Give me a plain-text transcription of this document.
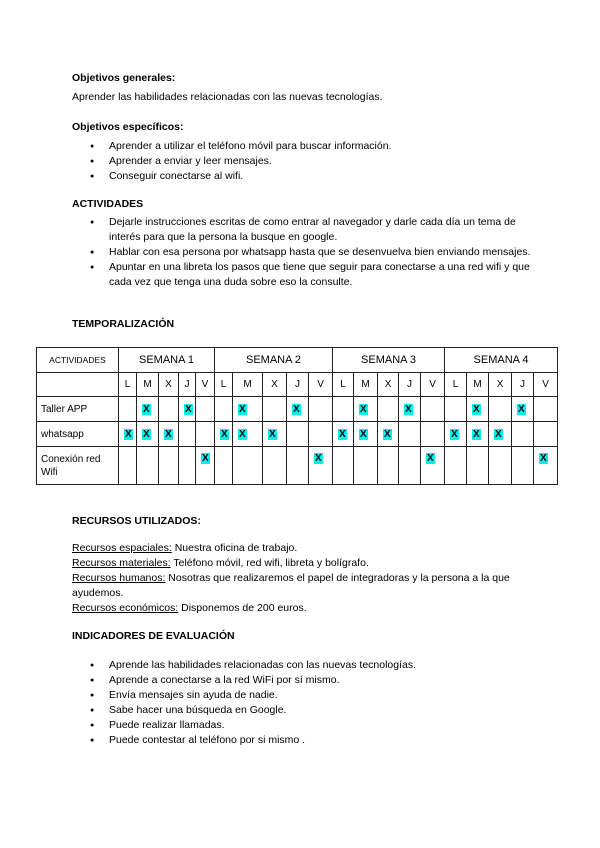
Objetivos generales:
Aprender las habilidades relacionadas con las nuevas tecnologías.
Objetivos específicos:
● Aprender a utilizar el teléfono móvil para buscar información.
● Aprender a enviar y leer mensajes.
● Conseguir conectarse al wifi.
ACTIVIDADES
● Dejarle instrucciones escritas de como entrar al navegador y darle cada día un tema de interés para que la persona la busque en google.
● Hablar con esa persona por whatsapp hasta que se desenvuelva bien enviando mensajes.
● Apuntar en una libreta los pasos que tiene que seguir para conectarse a una red wifi y que cada vez que tenga una duda sobre eso la consulte.
TEMPORALIZACIÓN
ACTIVIDADES	SEMANA 1					SEMANA 2					SEMANA 3					SEMANA 4				
	L	M	X	J	V	L	M	X	J	V	L	M	X	J	V	L	M	X	J	V
Taller APP		X		X			X		X			X		X			X		X	
whatsapp	X	X	X			X	X	X			X	X	X			X	X	X		
Conexión red Wifi					X					X					X					X
RECURSOS UTILIZADOS:
Recursos espaciales: Nuestra oficina de trabajo.
Recursos materiales: Teléfono móvil, red wifi, libreta y bolígrafo.
Recursos humanos: Nosotras que realizaremos el papel de integradoras y la persona a la que ayudemos.
Recursos económicos: Disponemos de 200 euros.
INDICADORES DE EVALUACIÓN
● Aprende las habilidades relacionadas con las nuevas tecnologías.
● Aprende a conectarse a la red WiFi por sí mismo.
● Envía mensajes sin ayuda de nadie.
● Sabe hacer una búsqueda en Google.
● Puede realizar llamadas.
● Puede contestar al teléfono por si mismo .
